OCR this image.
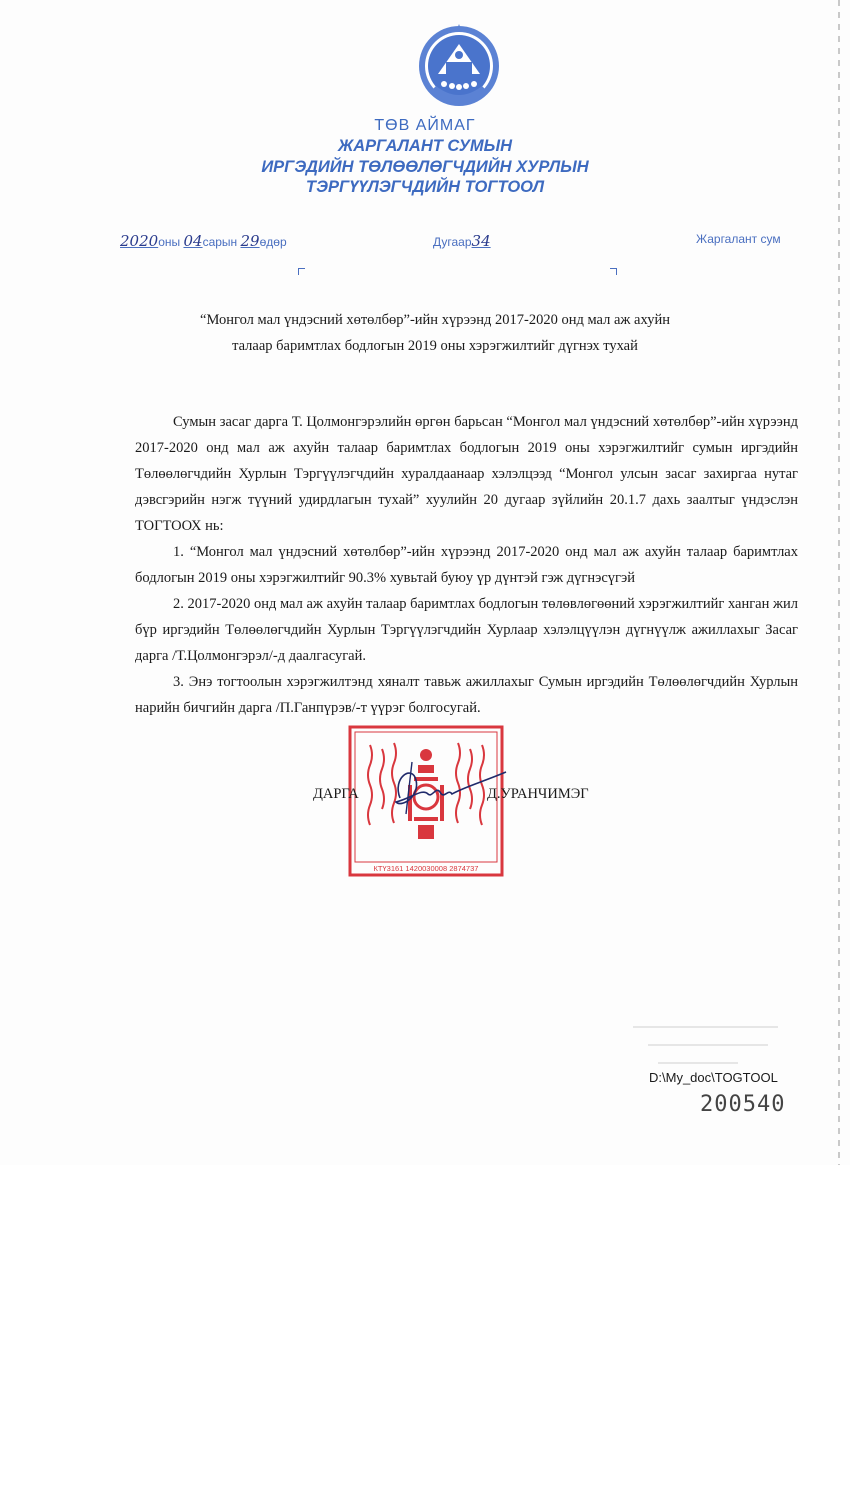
ТӨВ АЙМАГ
ЖАРГАЛАНТ СУМЫН
ИРГЭДИЙН ТӨЛӨӨЛӨГЧДИЙН ХУРЛЫН
ТЭРГҮҮЛЭГЧДИЙН ТОГТООЛ
2020оны 04сарын 29өдөр	Дугаар34	Жаргалант сум
“Монгол мал үндэсний хөтөлбөр”-ийн хүрээнд 2017-2020 онд мал аж ахуйн
талаар баримтлах бодлогын 2019 оны хэрэгжилтийг дүгнэх тухай
Сумын засаг дарга Т. Цолмонгэрэлийн өргөн барьсан “Монгол мал үндэсний хөтөлбөр”-ийн хүрээнд 2017-2020 онд мал аж ахуйн талаар баримтлах бодлогын 2019 оны хэрэгжилтийг сумын иргэдийн Төлөөлөгчдийн Хурлын Тэргүүлэгчдийн хуралдаанаар хэлэлцээд “Монгол улсын засаг захиргаа нутаг дэвсгэрийн нэгж түүний удирдлагын тухай” хуулийн 20 дугаар зүйлийн 20.1.7 дахь заалтыг үндэслэн ТОГТООХ нь:
1. “Монгол мал үндэсний хөтөлбөр”-ийн хүрээнд 2017-2020 онд мал аж ахуйн талаар баримтлах бодлогын 2019 оны хэрэгжилтийг 90.3% хувьтай буюу үр дүнтэй гэж дүгнэсүгэй
2. 2017-2020 онд мал аж ахуйн талаар баримтлах бодлогын төлөвлөгөөний хэрэгжилтийг ханган жил бүр иргэдийн Төлөөлөгчдийн Хурлын Тэргүүлэгчдийн Хурлаар хэлэлцүүлэн дүгнүүлж ажиллахыг Засаг дарга /Т.Цолмонгэрэл/-д даалгасугай.
3. Энэ тогтоолын хэрэгжилтэнд хяналт тавьж ажиллахыг Сумын иргэдийн Төлөөлөгчдийн Хурлын нарийн бичгийн дарга /П.Ганпүрэв/-т үүрэг болгосугай.
КТҮ3161 1420030008 2874737
ДАРГА	Д.УРАНЧИМЭГ
D:\My_doc\TOGTOOL
200540
